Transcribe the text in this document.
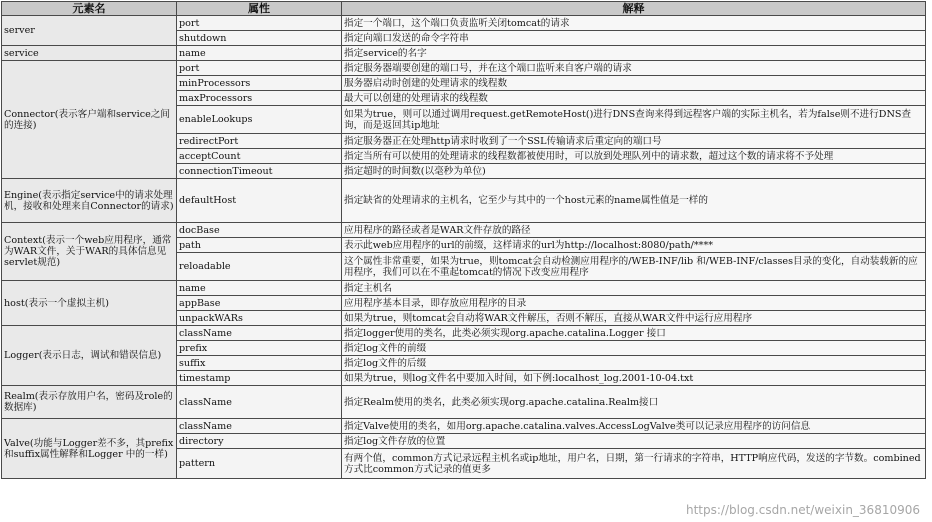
元素名	属性	解释
server	port	指定一个端口，这个端口负责监听关闭tomcat的请求
	shutdown	指定向端口发送的命令字符串
service	name	指定service的名字
Connector(表示客户端和service之间的连接)	port	指定服务器端要创建的端口号，并在这个端口监听来自客户端的请求
	minProcessors	服务器启动时创建的处理请求的线程数
	maxProcessors	最大可以创建的处理请求的线程数
	enableLookups	如果为true，则可以通过调用request.getRemoteHost()进行DNS查询来得到远程客户端的实际主机名，若为false则不进行DNS查询，而是返回其ip地址
	redirectPort	指定服务器正在处理http请求时收到了一个SSL传输请求后重定向的端口号
	acceptCount	指定当所有可以使用的处理请求的线程数都被使用时，可以放到处理队列中的请求数，超过这个数的请求将不予处理
	connectionTimeout	指定超时的时间数(以毫秒为单位)
Engine(表示指定service中的请求处理机，接收和处理来自Connector的请求)	defaultHost	指定缺省的处理请求的主机名，它至少与其中的一个host元素的name属性值是一样的
Context(表示一个web应用程序，通常为WAR文件，关于WAR的具体信息见servlet规范)	docBase	应用程序的路径或者是WAR文件存放的路径
	path	表示此web应用程序的url的前缀，这样请求的url为http://localhost:8080/path/****
	reloadable	这个属性非常重要，如果为true，则tomcat会自动检测应用程序的/WEB-INF/lib 和/WEB-INF/classes目录的变化，自动装载新的应用程序，我们可以在不重起tomcat的情况下改变应用程序
host(表示一个虚拟主机)	name	指定主机名
	appBase	应用程序基本目录，即存放应用程序的目录
	unpackWARs	如果为true，则tomcat会自动将WAR文件解压，否则不解压，直接从WAR文件中运行应用程序
Logger(表示日志，调试和错误信息)	className	指定logger使用的类名，此类必须实现org.apache.catalina.Logger 接口
	prefix	指定log文件的前缀
	suffix	指定log文件的后缀
	timestamp	如果为true，则log文件名中要加入时间，如下例:localhost_log.2001-10-04.txt
Realm(表示存放用户名，密码及role的数据库)	className	指定Realm使用的类名，此类必须实现org.apache.catalina.Realm接口
Valve(功能与Logger差不多，其prefix和suffix属性解释和Logger 中的一样)	className	指定Valve使用的类名，如用org.apache.catalina.valves.AccessLogValve类可以记录应用程序的访问信息
	directory	指定log文件存放的位置
	pattern	有两个值，common方式记录远程主机名或ip地址，用户名，日期，第一行请求的字符串，HTTP响应代码，发送的字节数。combined方式比common方式记录的值更多
https://blog.csdn.net/weixin_36810906
